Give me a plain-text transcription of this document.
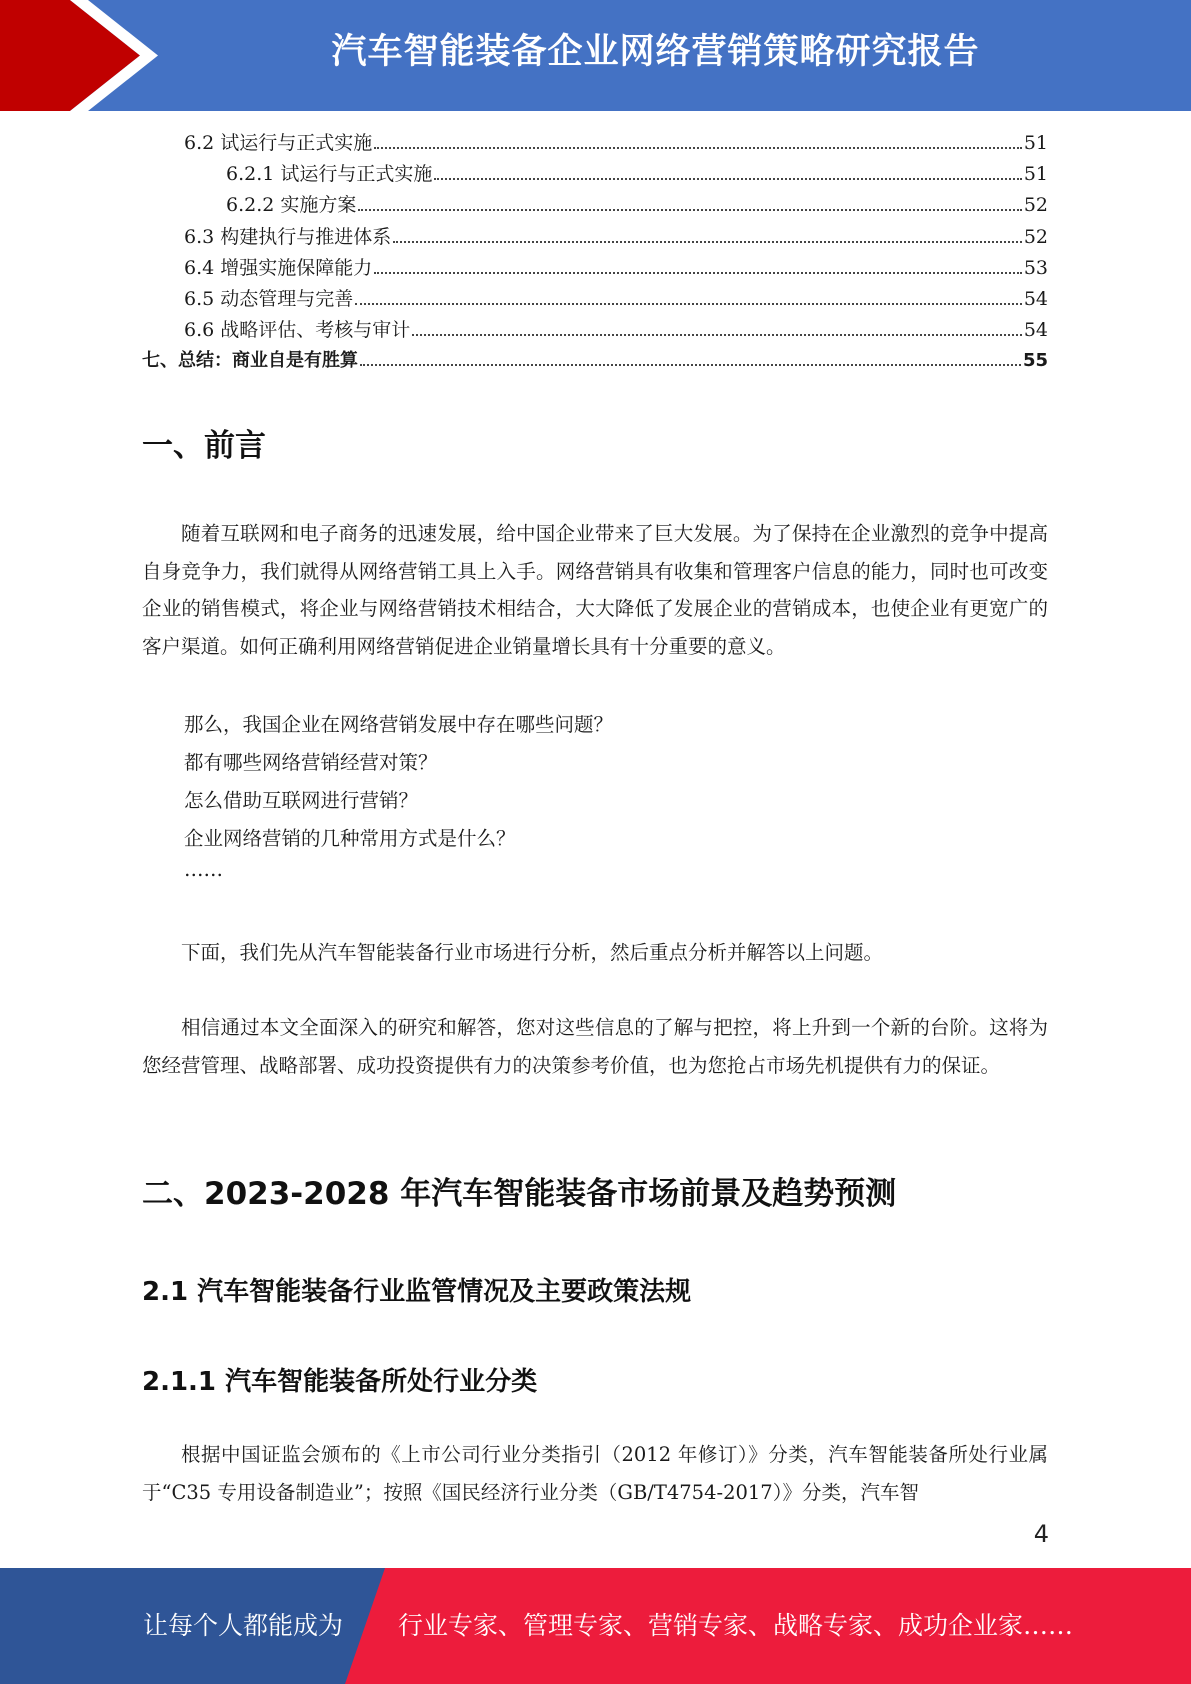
汽车智能装备企业网络营销策略研究报告
6.2 试运行与正式实施	51
6.2.1 试运行与正式实施	51
6.2.2 实施方案	52
6.3 构建执行与推进体系	52
6.4 增强实施保障能力	53
6.5 动态管理与完善	54
6.6 战略评估、考核与审计	54
七、总结：商业自是有胜算	55
一、前言
随着互联网和电子商务的迅速发展，给中国企业带来了巨大发展。为了保持在企业激烈的竞争中提高自身竞争力，我们就得从网络营销工具上入手。网络营销具有收集和管理客户信息的能力，同时也可改变企业的销售模式，将企业与网络营销技术相结合，大大降低了发展企业的营销成本，也使企业有更宽广的客户渠道。如何正确利用网络营销促进企业销量增长具有十分重要的意义。
那么，我国企业在网络营销发展中存在哪些问题？
都有哪些网络营销经营对策？
怎么借助互联网进行营销？
企业网络营销的几种常用方式是什么？
……
下面，我们先从汽车智能装备行业市场进行分析，然后重点分析并解答以上问题。
相信通过本文全面深入的研究和解答，您对这些信息的了解与把控，将上升到一个新的台阶。这将为您经营管理、战略部署、成功投资提供有力的决策参考价值，也为您抢占市场先机提供有力的保证。
二、2023-2028 年汽车智能装备市场前景及趋势预测
2.1 汽车智能装备行业监管情况及主要政策法规
2.1.1 汽车智能装备所处行业分类
根据中国证监会颁布的《上市公司行业分类指引（2012 年修订）》分类，汽车智能装备所处行业属于“C35 专用设备制造业”；按照《国民经济行业分类（GB/T4754-2017）》分类，汽车智
4
让每个人都能成为 行业专家、管理专家、营销专家、战略专家、成功企业家……
